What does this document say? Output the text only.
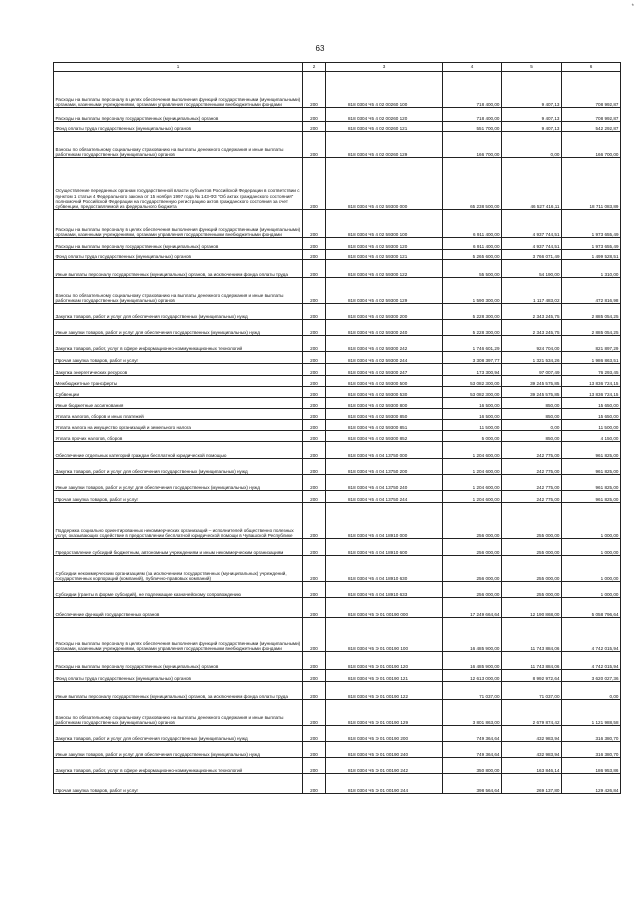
*
63
1	2	3	4	5	6
Расходы на выплаты персоналу в целях обеспечения выполнения функций государственными (муниципальными) органами, казенными учреждениями, органами управления государственными внебюджетными фондами	200	818 0304 Ч5 4 02 00260 100	718 400,00	9 407,13	708 992,87
Расходы на выплаты персоналу государственных (муниципальных) органов	200	818 0304 Ч5 4 02 00260 120	718 400,00	9 407,13	708 992,87
Фонд оплаты труда государственных (муниципальных) органов	200	818 0304 Ч5 4 02 00260 121	551 700,00	9 407,13	542 292,87
Взносы по обязательному социальному страхованию на выплаты денежного содержания и иные выплаты работникам государственных (муниципальных) органов	200	818 0304 Ч5 4 02 00260 129	166 700,00	0,00	166 700,00
Осуществление переданных органам государственной власти субъектов Российской Федерации в соответствии с пунктом 1 статьи 4 Федерального закона от 15 ноября 1997 года № 143-ФЗ "Об актах гражданского состояния" полномочий Российской Федерации на государственную регистрацию актов гражданского состояния за счет субвенции, предоставляемой из федерального бюджета	200	818 0304 Ч5 4 02 59300 000	65 238 500,00	46 527 416,11	18 711 083,89
Расходы на выплаты персоналу в целях обеспечения выполнения функций государственными (муниципальными) органами, казенными учреждениями, органами управления государственными внебюджетными фондами	200	818 0304 Ч5 4 02 59300 100	6 911 400,00	4 937 744,51	1 973 655,49
Расходы на выплаты персоналу государственных (муниципальных) органов	200	818 0304 Ч5 4 02 59300 120	6 911 400,00	4 937 744,51	1 973 655,49
Фонд оплаты труда государственных (муниципальных) органов	200	818 0304 Ч5 4 02 59300 121	5 265 600,00	3 766 071,49	1 499 528,51
Иные выплаты персоналу государственных (муниципальных) органов, за исключением фонда оплаты труда	200	818 0304 Ч5 4 02 59300 122	55 500,00	54 190,00	1 310,00
Взносы по обязательному социальному страхованию на выплаты денежного содержания и иные выплаты работникам государственных (муниципальных) органов	200	818 0304 Ч5 4 02 59300 129	1 590 300,00	1 117 483,02	472 816,98
Закупка товаров, работ и услуг для обеспечения государственных (муниципальных) нужд	200	818 0304 Ч5 4 02 59300 200	5 228 300,00	2 343 245,75	2 885 054,25
Иные закупки товаров, работ и услуг для обеспечения государственных (муниципальных) нужд	200	818 0304 Ч5 4 02 59300 240	5 228 300,00	2 343 245,75	2 885 054,25
Закупка товаров, работ, услуг в сфере информационно-коммуникационных технологий	200	818 0304 Ч5 4 02 59300 242	1 746 601,29	924 704,00	821 897,29
Прочая закупка товаров, работ и услуг	200	818 0304 Ч5 4 02 59300 244	3 308 397,77	1 321 534,26	1 986 863,51
Закупка энергетических ресурсов	200	818 0304 Ч5 4 02 59300 247	173 300,94	97 007,49	76 293,45
Межбюджетные трансферты	200	818 0304 Ч5 4 02 59300 500	53 082 300,00	39 245 575,85	13 836 724,15
Субвенции	200	818 0304 Ч5 4 02 59300 530	53 082 300,00	39 245 575,85	13 836 724,15
Иные бюджетные ассигнования	200	818 0304 Ч5 4 02 59300 800	16 500,00	850,00	15 650,00
Уплата налогов, сборов и иных платежей	200	818 0304 Ч5 4 02 59300 850	16 500,00	850,00	15 650,00
Уплата налога на имущество организаций и земельного налога	200	818 0304 Ч5 4 02 59300 851	11 500,00	0,00	11 500,00
Уплата прочих налогов, сборов	200	818 0304 Ч5 4 02 59300 852	5 000,00	850,00	4 150,00
Обеспечение отдельных категорий граждан бесплатной юридической помощью	200	818 0304 Ч5 4 04 13750 000	1 204 600,00	242 775,00	961 825,00
Закупка товаров, работ и услуг для обеспечения государственных (муниципальных) нужд	200	818 0304 Ч5 4 04 13750 200	1 204 600,00	242 775,00	961 825,00
Иные закупки товаров, работ и услуг для обеспечения государственных (муниципальных) нужд	200	818 0304 Ч5 4 04 13750 240	1 204 600,00	242 775,00	961 825,00
Прочая закупка товаров, работ и услуг	200	818 0304 Ч5 4 04 13750 244	1 204 600,00	242 775,00	961 825,00
Поддержка социально ориентированных некоммерческих организаций – исполнителей общественно полезных услуг, оказывающих содействие в предоставлении бесплатной юридической помощи в Чувашской Республике	200	818 0304 Ч5 4 04 18910 000	256 000,00	255 000,00	1 000,00
Предоставление субсидий бюджетным, автономным учреждениям и иным некоммерческим организациям	200	818 0304 Ч5 4 04 18910 600	256 000,00	255 000,00	1 000,00
Субсидии некоммерческим организациям (за исключением государственных (муниципальных) учреждений, государственных корпораций (компаний), публично-правовых компаний)	200	818 0304 Ч5 4 04 18910 630	256 000,00	255 000,00	1 000,00
Субсидии (гранты в форме субсидий), не подлежащие казначейскому сопровождению	200	818 0304 Ч5 4 04 18910 633	256 000,00	255 000,00	1 000,00
Обеспечение функций государственных органов	200	818 0304 Ч5 Э 01 00190 000	17 249 664,64	12 190 868,00	5 058 796,64
Расходы на выплаты персоналу в целях обеспечения выполнения функций государственными (муниципальными) органами, казенными учреждениями, органами управления государственными внебюджетными фондами	200	818 0304 Ч5 Э 01 00190 100	16 485 900,00	11 743 884,06	4 742 015,94
Расходы на выплаты персоналу государственных (муниципальных) органов	200	818 0304 Ч5 Э 01 00190 120	16 485 900,00	11 743 884,06	4 742 015,94
Фонд оплаты труда государственных (муниципальных) органов	200	818 0304 Ч5 Э 01 00190 121	12 613 000,00	8 992 972,64	3 620 027,36
Иные выплаты персоналу государственных (муниципальных) органов, за исключением фонда оплаты труда	200	818 0304 Ч5 Э 01 00190 122	71 037,00	71 037,00	0,00
Взносы по обязательному социальному страхованию на выплаты денежного содержания и иные выплаты работникам государственных (муниципальных) органов	200	818 0304 Ч5 Э 01 00190 129	3 801 863,00	2 679 874,42	1 121 988,58
Закупка товаров, работ и услуг для обеспечения государственных (муниципальных) нужд	200	818 0304 Ч5 Э 01 00190 200	749 364,64	432 983,94	316 380,70
Иные закупки товаров, работ и услуг для обеспечения государственных (муниципальных) нужд	200	818 0304 Ч5 Э 01 00190 240	749 364,64	432 983,94	316 380,70
Закупка товаров, работ, услуг в сфере информационно-коммуникационных технологий	200	818 0304 Ч5 Э 01 00190 242	350 800,00	163 846,14	186 953,86
Прочая закупка товаров, работ и услуг	200	818 0304 Ч5 Э 01 00190 244	398 564,64	269 137,80	129 426,84
